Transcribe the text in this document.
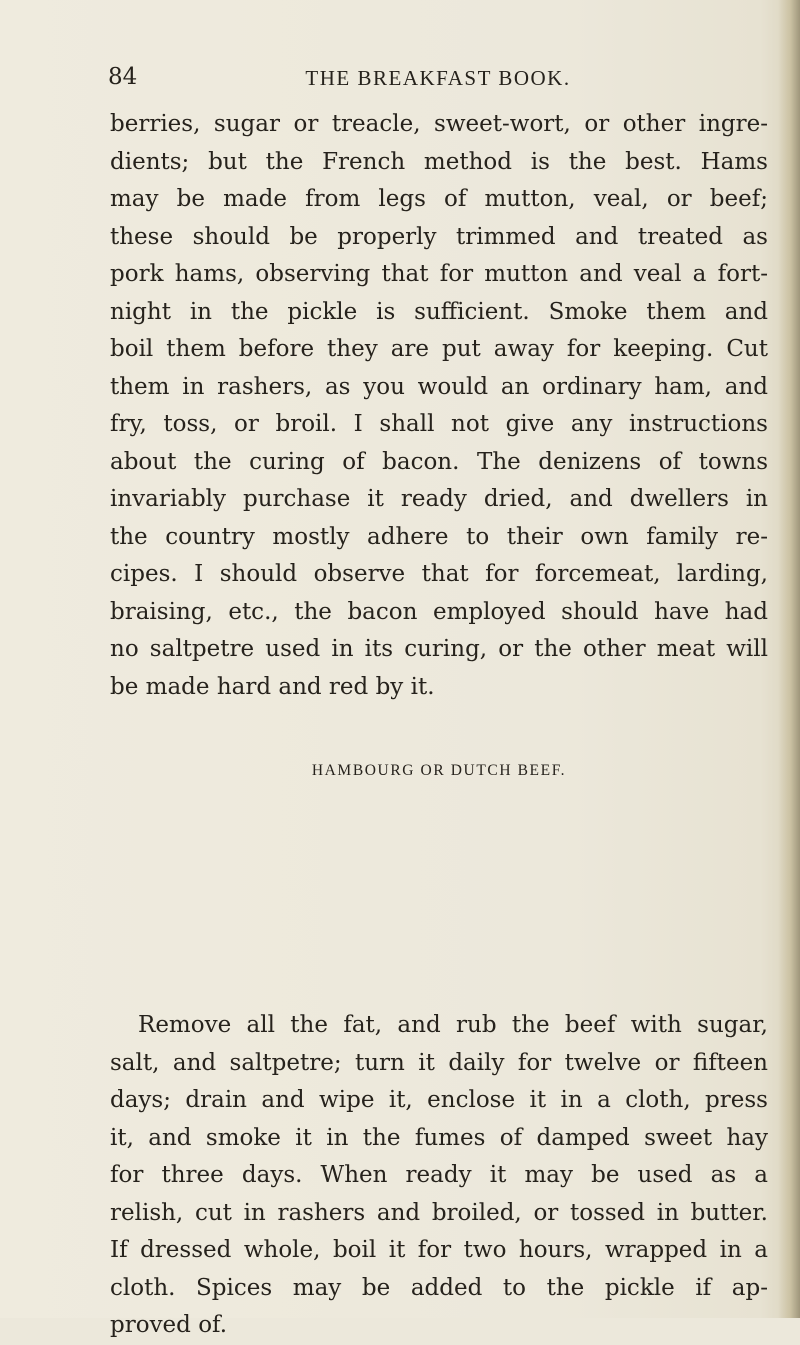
84	THE BREAKFAST BOOK.
berries, sugar or treacle, sweet-wort, or other ingre-
dients; but the French method is the best. Hams
may be made from legs of mutton, veal, or beef;
these should be properly trimmed and treated as
pork hams, observing that for mutton and veal a fort-
night in the pickle is sufficient. Smoke them and
boil them before they are put away for keeping. Cut
them in rashers, as you would an ordinary ham, and
fry, toss, or broil. I shall not give any instructions
about the curing of bacon. The denizens of towns
invariably purchase it ready dried, and dwellers in
the country mostly adhere to their own family re-
cipes. I should observe that for forcemeat, larding,
braising, etc., the bacon employed should have had
no saltpetre used in its curing, or the other meat will
be made hard and red by it.
HAMBOURG OR DUTCH BEEF.
Remove all the fat, and rub the beef with sugar,
salt, and saltpetre; turn it daily for twelve or fifteen
days; drain and wipe it, enclose it in a cloth, press
it, and smoke it in the fumes of damped sweet hay
for three days. When ready it may be used as a
relish, cut in rashers and broiled, or tossed in butter.
If dressed whole, boil it for two hours, wrapped in a
cloth. Spices may be added to the pickle if ap-
proved of.
